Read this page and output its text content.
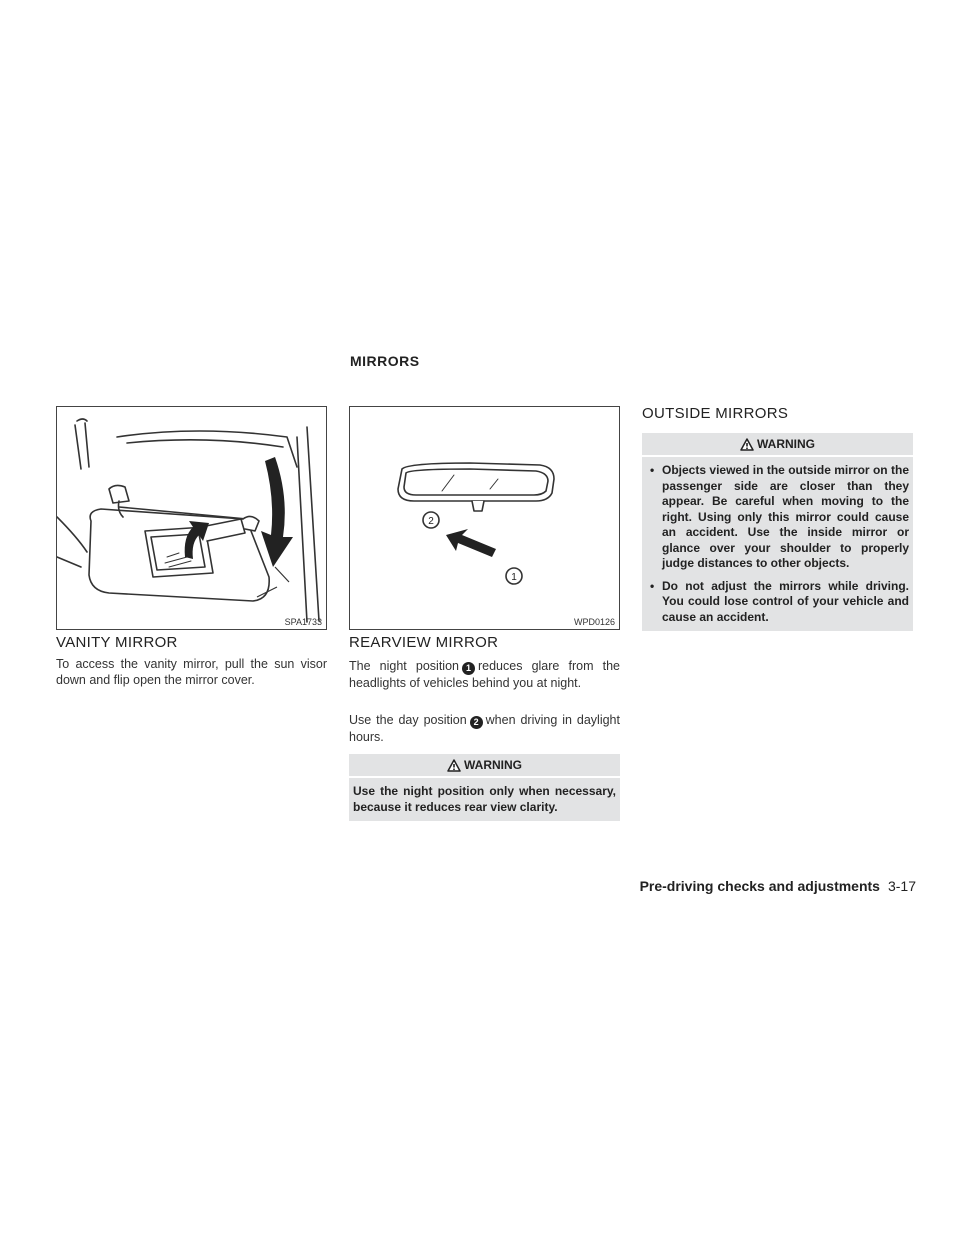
MIRRORS
SPA1733
VANITY MIRROR

To access the vanity mirror, pull the sun visor down and flip open the mirror cover.

2
1
WPD0126
REARVIEW MIRROR

The night position 1 reduces glare from the headlights of vehicles behind you at night.

Use the day position 2 when driving in daylight hours.

WARNING
Use the night position only when necessary, because it reduces rear view clarity.
OUTSIDE MIRRORS
WARNING
• Objects viewed in the outside mirror on the passenger side are closer than they appear. Be careful when moving to the right. Using only this mirror could cause an accident. Use the inside mirror or glance over your shoulder to properly judge distances to other objects.
• Do not adjust the mirrors while driving. You could lose control of your vehicle and cause an accident.
Pre-driving checks and adjustments 3-17
